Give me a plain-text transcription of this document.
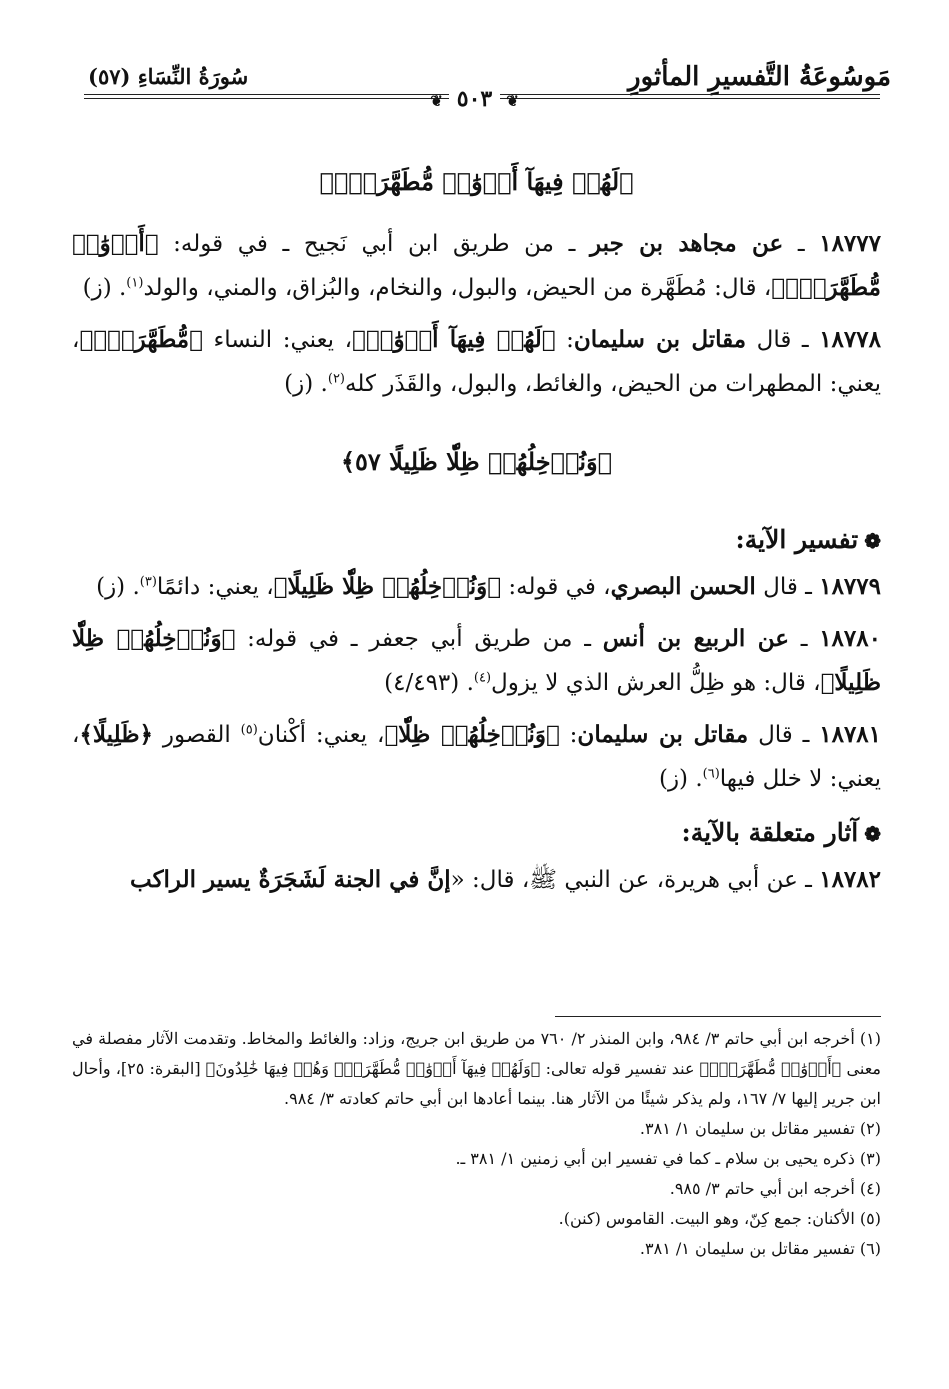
مَوسُوعَةُ التَّفسيرِ المأثورِ
سُورَةُ النِّسَاءِ (٥٧)
❦ ٥٠٣ ❦
﴿لَهُمۡ فِيهَآ أَزۡوَٰجٞ مُّطَهَّرَةٞۖ﴾

١٨٧٧٧ ـ عن مجاهد بن جبر ـ من طريق ابن أبي نَجيح ـ في قوله: ﴿أَزۡوَٰجٞ مُّطَهَّرَةٞۖ﴾، قال: مُطَهَّرة من الحيض، والبول، والنخام، والبُزاق، والمني، والولد$^{(١)}$. (ز)

١٨٧٧٨ ـ قال مقاتل بن سليمان: ﴿لَهُمۡ فِيهَآ أَزۡوَٰجٞ﴾، يعني: النساء ﴿مُّطَهَّرَةٞۖ﴾، يعني: المطهرات من الحيض، والغائط، والبول، والقَذَر كله$^{(٢)}$. (ز)

﴿وَنُدۡخِلُهُمۡ ظِلّٗا ظَلِيلًا ٥٧﴾
❁تفسير الآية:

١٨٧٧٩ ـ قال الحسن البصري، في قوله: ﴿وَنُدۡخِلُهُمۡ ظِلّٗا ظَلِيلًا﴾، يعني: دائمًا$^{(٣)}$. (ز)

١٨٧٨٠ ـ عن الربيع بن أنس ـ من طريق أبي جعفر ـ في قوله: ﴿وَنُدۡخِلُهُمۡ ظِلّٗا ظَلِيلًا﴾، قال: هو ظِلُّ العرش الذي لا يزول$^{(٤)}$. (٤/٤٩٣)

١٨٧٨١ ـ قال مقاتل بن سليمان: ﴿وَنُدۡخِلُهُمۡ ظِلّٗا﴾، يعني: أكْنان$^{(٥)}$ القصور ﴿ظَلِيلًا﴾، يعني: لا خلل فيها$^{(٦)}$. (ز)

❁آثار متعلقة بالآية:

١٨٧٨٢ ـ عن أبي هريرة، عن النبي ﷺ، قال: «إنَّ في الجنة لَشَجَرَةٌ يسير الراكب

(١) أخرجه ابن أبي حاتم ٣/ ٩٨٤، وابن المنذر ٢/ ٧٦٠ من طريق ابن جريج، وزاد: والغائط والمخاط. وتقدمت الآثار مفصلة في معنى ﴿أَزۡوَٰجٞ مُّطَهَّرَةٞۖ﴾ عند تفسير قوله تعالى: ﴿وَلَهُمۡ فِيهَآ أَزۡوَٰجٞ مُّطَهَّرَةٞۖ وَهُمۡ فِيهَا خَٰلِدُونَ﴾ [البقرة: ٢٥]، وأحال ابن جرير إليها ٧/ ١٦٧، ولم يذكر شيئًا من الآثار هنا. بينما أعادها ابن أبي حاتم كعادته ٣/ ٩٨٤.

(٢) تفسير مقاتل بن سليمان ١/ ٣٨١.

(٣) ذكره يحيى بن سلام ـ كما في تفسير ابن أبي زمنين ١/ ٣٨١ ـ.

(٤) أخرجه ابن أبي حاتم ٣/ ٩٨٥.

(٥) الأكنان: جمع كِنّ، وهو البيت. القاموس (كنن).

(٦) تفسير مقاتل بن سليمان ١/ ٣٨١.
